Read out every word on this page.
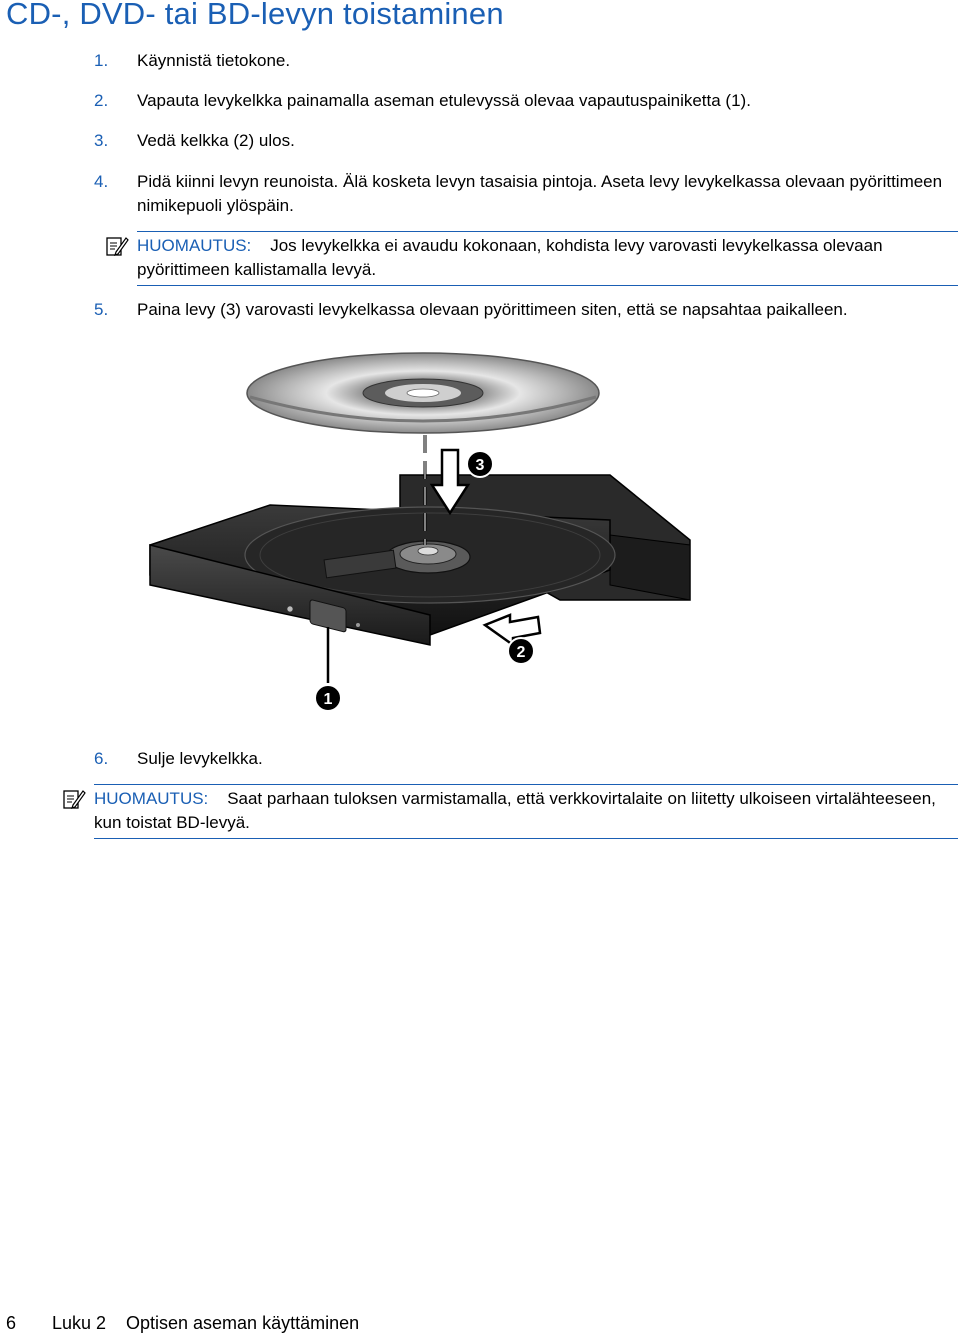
CD-, DVD- tai BD-levyn toistaminen
1. Käynnistä tietokone.
2. Vapauta levykelkka painamalla aseman etulevyssä olevaa vapautuspainiketta (1).
3. Vedä kelkka (2) ulos.
4. Pidä kiinni levyn reunoista. Älä kosketa levyn tasaisia pintoja. Aseta levy levykelkassa olevaan pyörittimeen nimikepuoli ylöspäin.
HUOMAUTUS: Jos levykelkka ei avaudu kokonaan, kohdista levy varovasti levykelkassa olevaan pyörittimeen kallistamalla levyä.
5. Paina levy (3) varovasti levykelkassa olevaan pyörittimeen siten, että se napsahtaa paikalleen.
3
2
1
6. Sulje levykelkka.
HUOMAUTUS: Saat parhaan tuloksen varmistamalla, että verkkovirtalaite on liitetty ulkoiseen virtalähteeseen, kun toistat BD-levyä.
6 Luku 2 Optisen aseman käyttäminen
